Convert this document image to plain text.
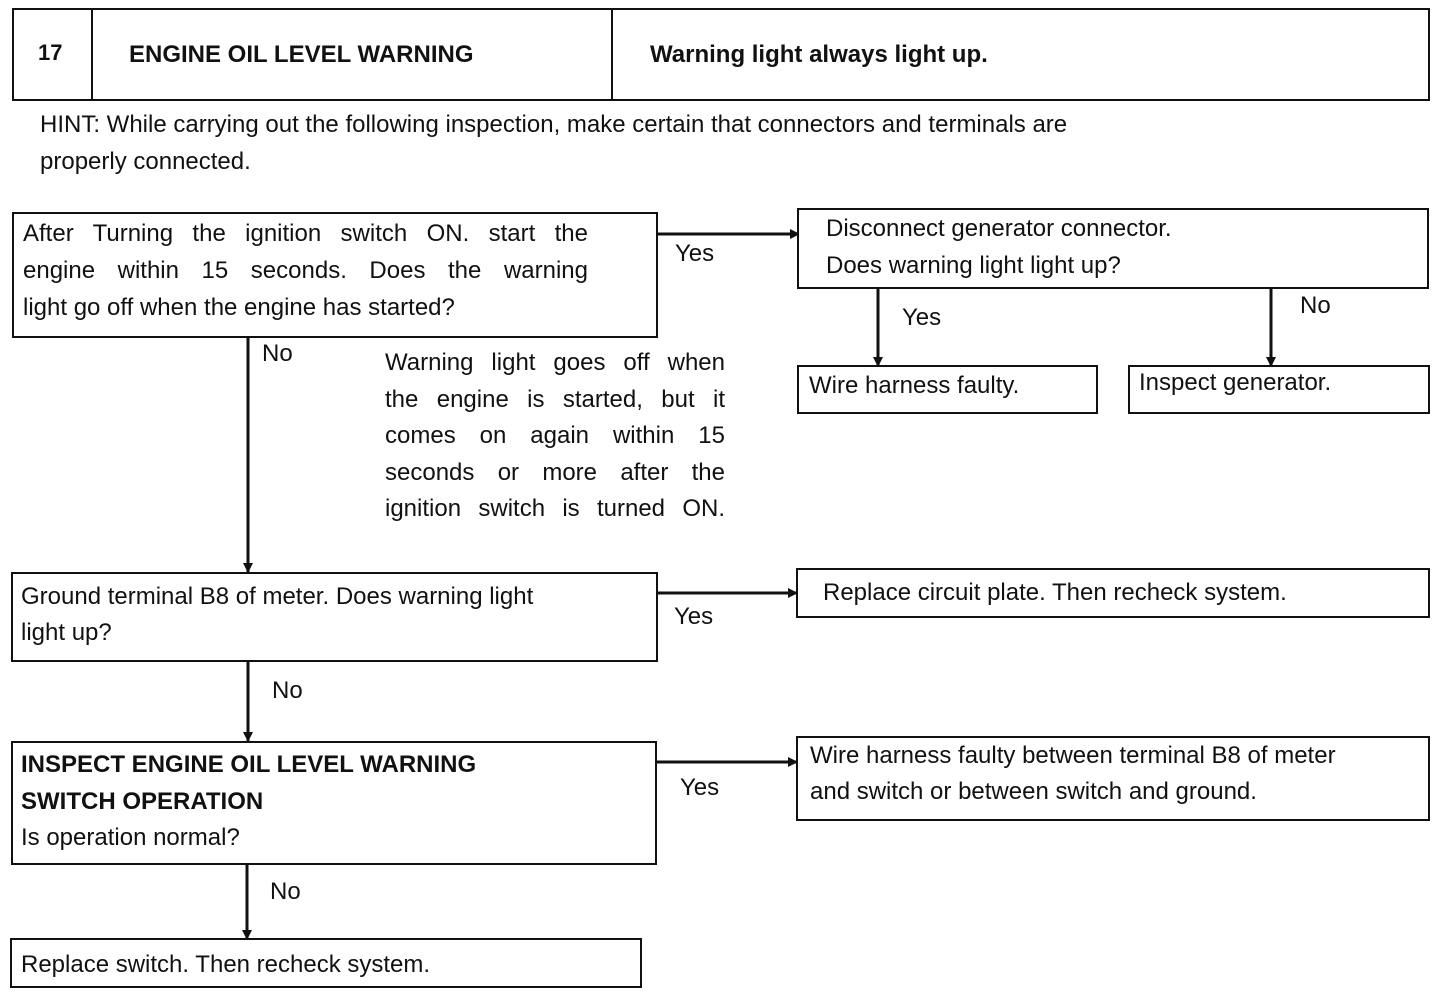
17	ENGINE OIL LEVEL WARNING	Warning light always light up.
HINT: While carrying out the following inspection, make certain that connectors and terminals are
properly connected.
After Turning the ignition switch ON. start the
engine within 15 seconds. Does the warning
light go off when the engine has started?
Disconnect generator connector.
Does warning light light up?
Wire harness faulty.	Inspect generator.
Warning light goes off when
the engine is started, but it
comes on again within 15
seconds or more after the
ignition switch is turned ON.
Ground terminal B8 of meter. Does warning light
light up?
Replace circuit plate. Then recheck system.
INSPECT ENGINE OIL LEVEL WARNING
SWITCH OPERATION
Is operation normal?
Wire harness faulty between terminal B8 of meter
and switch or between switch and ground.
Replace switch. Then recheck system.
Yes
No
Yes	No
Yes
No
Yes
No
